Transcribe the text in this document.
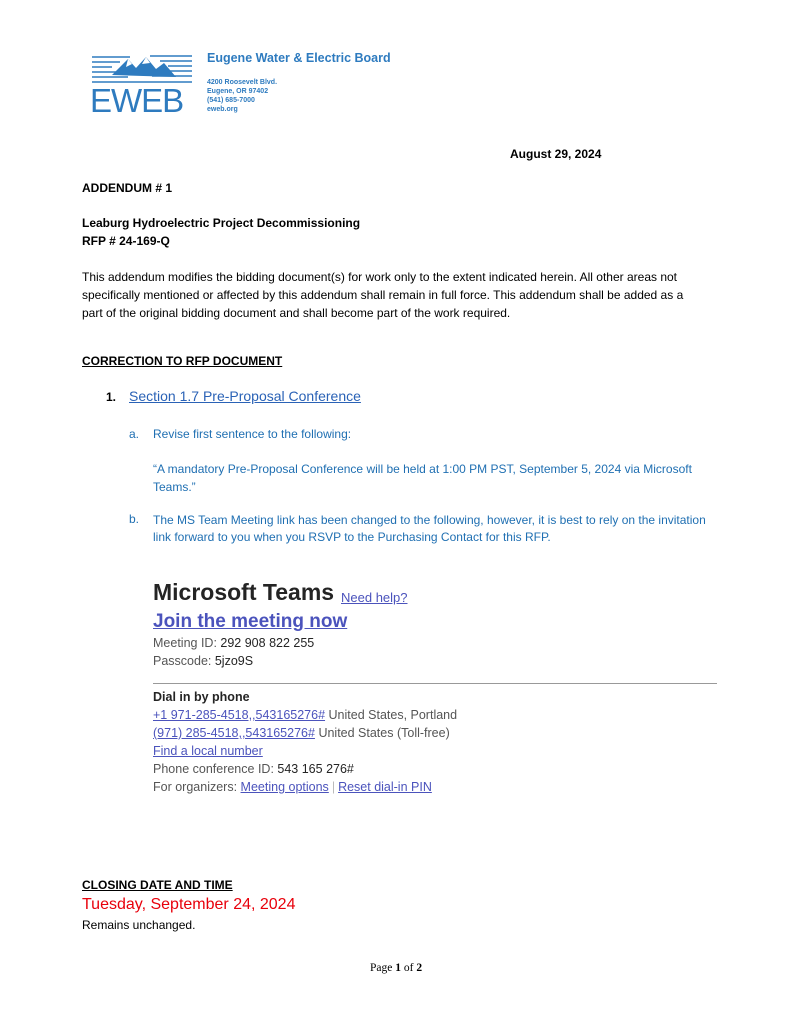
EWEB
Eugene Water & Electric Board
4200 Roosevelt Blvd.
Eugene, OR 97402
(541) 685-7000
eweb.org
August 29, 2024
ADDENDUM # 1
Leaburg Hydroelectric Project Decommissioning
RFP # 24-169-Q
This addendum modifies the bidding document(s) for work only to the extent indicated herein. All other areas not specifically mentioned or affected by this addendum shall remain in full force. This addendum shall be added as a part of the original bidding document and shall become part of the work required.
CORRECTION TO RFP DOCUMENT
1. Section 1.7 Pre-Proposal Conference
a. Revise first sentence to the following:
“A mandatory Pre-Proposal Conference will be held at 1:00 PM PST, September 5, 2024 via Microsoft Teams.”
b. The MS Team Meeting link has been changed to the following, however, it is best to rely on the invitation link forward to you when you RSVP to the Purchasing Contact for this RFP.
Microsoft Teams Need help?
Join the meeting now
Meeting ID: 292 908 822 255
Passcode: 5jzo9S
Dial in by phone
+1 971-285-4518,,543165276# United States, Portland
(971) 285-4518,,543165276# United States (Toll-free)
Find a local number
Phone conference ID: 543 165 276#
For organizers: Meeting options | Reset dial-in PIN
CLOSING DATE AND TIME
Tuesday, September 24, 2024
Remains unchanged.
Page 1 of 2
